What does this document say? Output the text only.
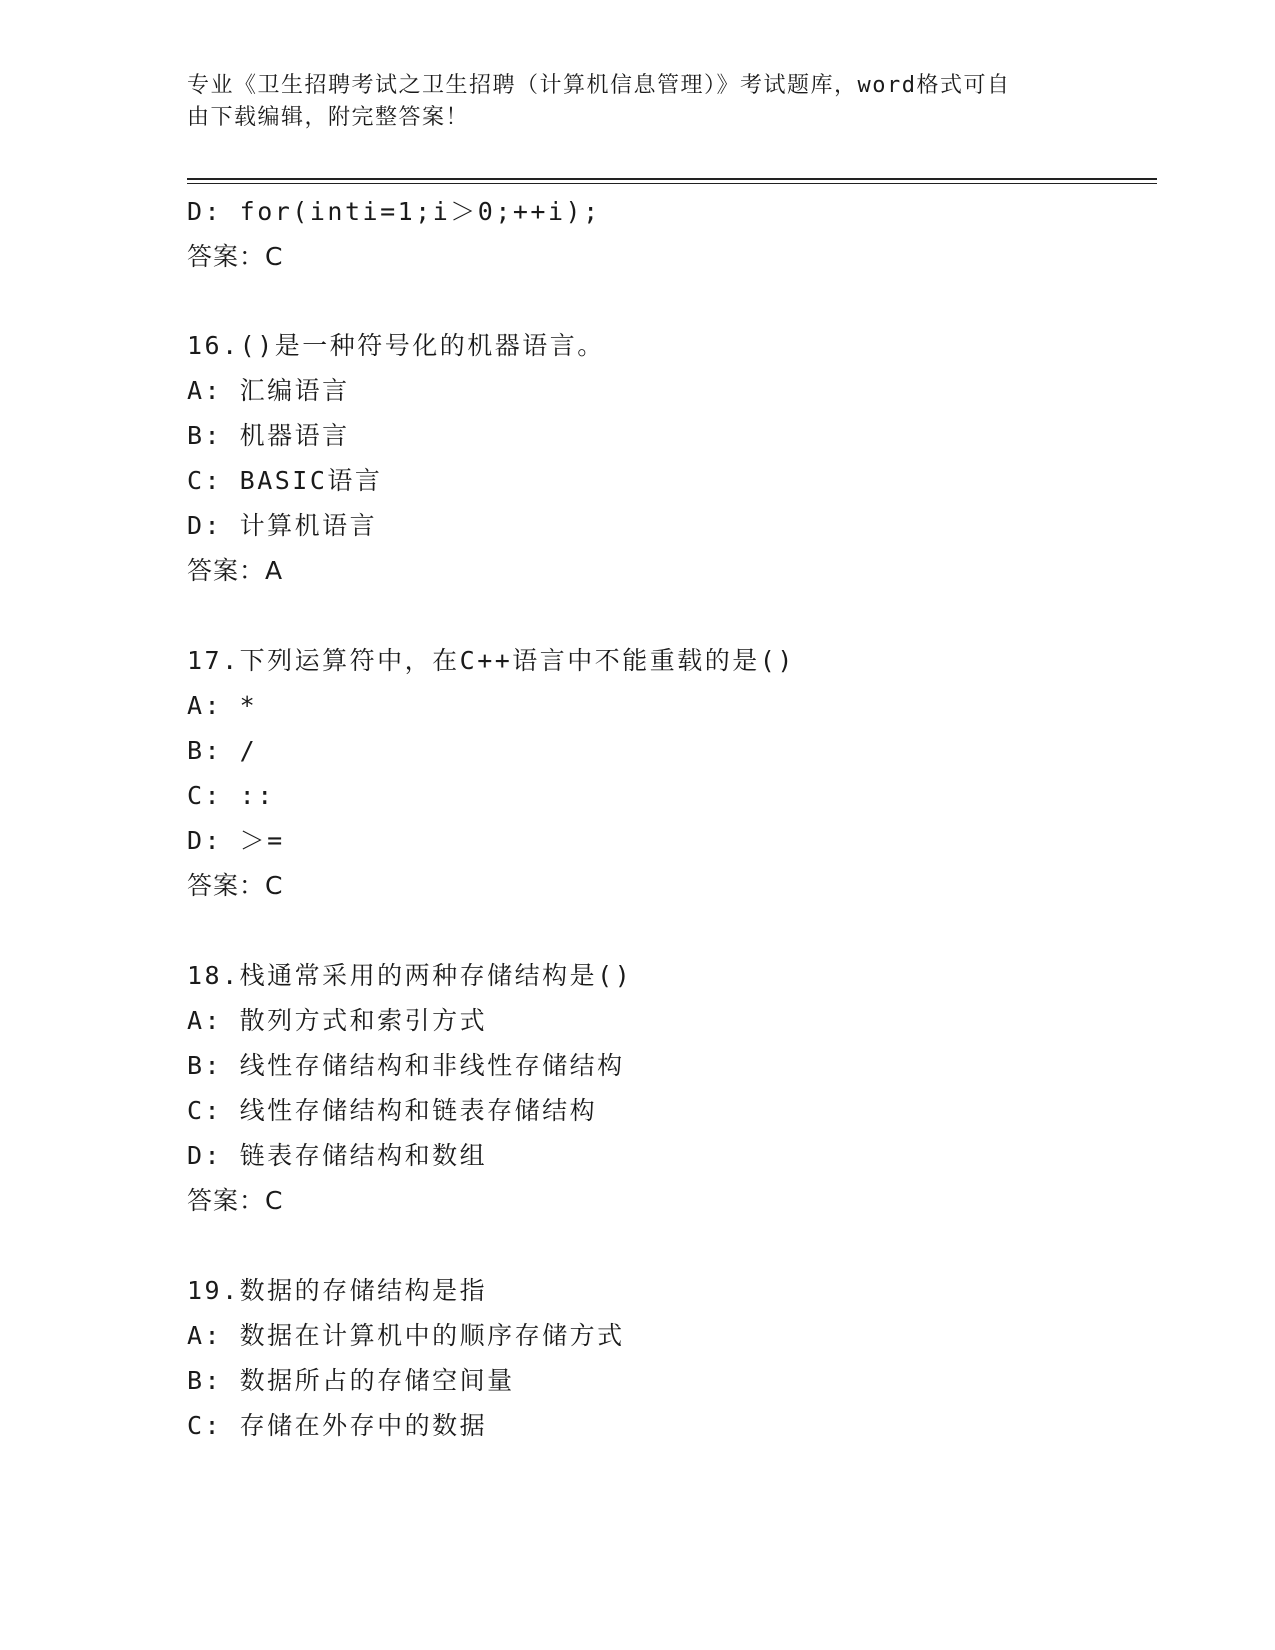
专业《卫生招聘考试之卫生招聘（计算机信息管理）》考试题库，word格式可自
由下载编辑，附完整答案！
D: for(inti=1;i＞0;++i);
答案：C
16.()是一种符号化的机器语言。
A: 汇编语言
B: 机器语言
C: BASIC语言
D: 计算机语言
答案：A
17.下列运算符中，在C++语言中不能重载的是()
A: *
B: /
C: ::
D: ＞=
答案：C
18.栈通常采用的两种存储结构是()
A: 散列方式和索引方式
B: 线性存储结构和非线性存储结构
C: 线性存储结构和链表存储结构
D: 链表存储结构和数组
答案：C
19.数据的存储结构是指
A: 数据在计算机中的顺序存储方式
B: 数据所占的存储空间量
C: 存储在外存中的数据
